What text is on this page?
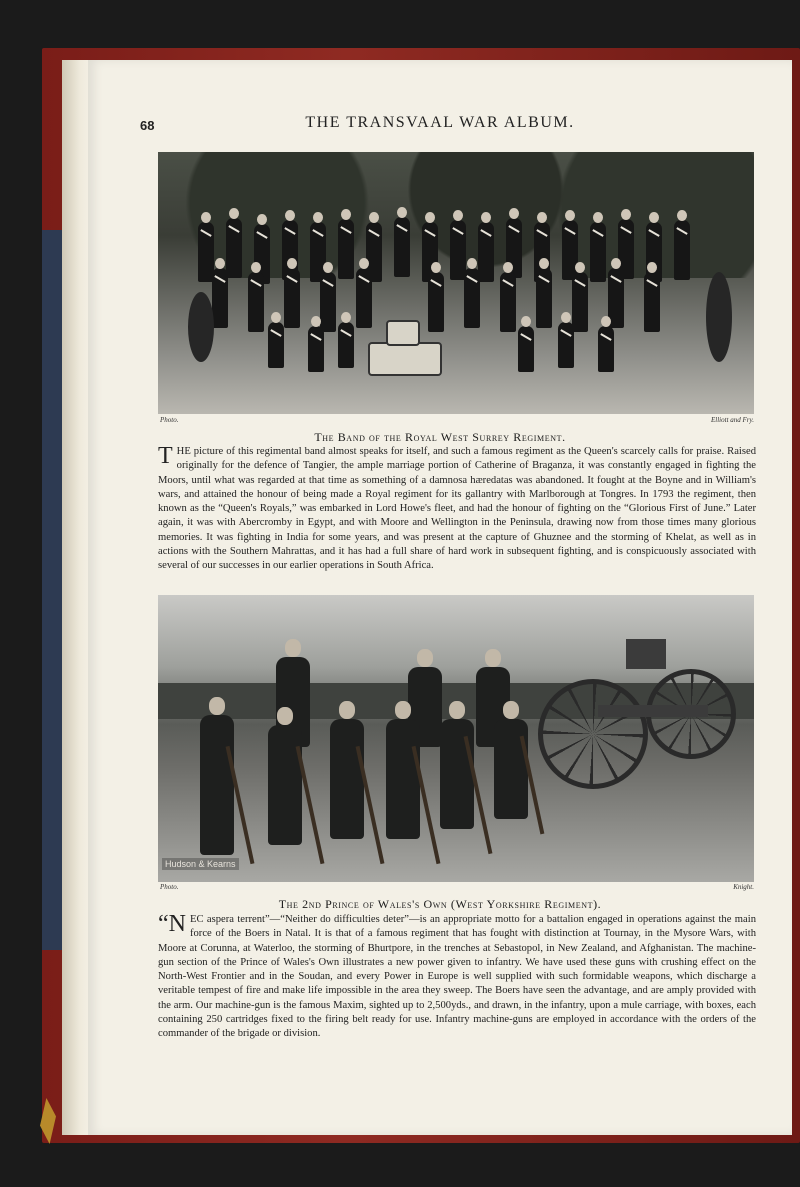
68	THE TRANSVAAL WAR ALBUM.
Photo.	Elliott and Fry.
The Band of the Royal West Surrey Regiment.
THE picture of this regimental band almost speaks for itself, and such a famous regiment as the Queen's scarcely calls for praise. Raised originally for the defence of Tangier, the ample marriage portion of Catherine of Braganza, it was constantly engaged in fighting the Moors, until what was regarded at that time as something of a damnosa hæredatas was abandoned. It fought at the Boyne and in William's wars, and attained the honour of being made a Royal regiment for its gallantry with Marlborough at Tongres. In 1793 the regiment, then known as the “Queen's Royals,” was embarked in Lord Howe's fleet, and had the honour of fighting on the “Glorious First of June.” Later again, it was with Abercromby in Egypt, and with Moore and Wellington in the Peninsula, drawing now from those times many glorious memories. It was fighting in India for some years, and was present at the capture of Ghuznee and the storming of Khelat, as well as in actions with the Southern Mahrattas, and it has had a full share of hard work in subsequent fighting, and is conspicuously associated with several of our successes in our earlier operations in South Africa.
Hudson & Kearns
Photo.	Knight.
The 2nd Prince of Wales's Own (West Yorkshire Regiment).
“NEC aspera terrent”—“Neither do difficulties deter”—is an appropriate motto for a battalion engaged in operations against the main force of the Boers in Natal. It is that of a famous regiment that has fought with distinction at Tournay, in the Mysore Wars, with Moore at Corunna, at Waterloo, the storming of Bhurtpore, in the trenches at Sebastopol, in New Zealand, and Afghanistan. The machine-gun section of the Prince of Wales's Own illustrates a new power given to infantry. We have used these guns with crushing effect on the North-West Frontier and in the Soudan, and every Power in Europe is well supplied with such formidable weapons, which discharge a veritable tempest of fire and make life impossible in the area they sweep. The Boers have seen the advantage, and are amply provided with the arm. Our machine-gun is the famous Maxim, sighted up to 2,500yds., and drawn, in the infantry, upon a mule carriage, with boxes, each containing 250 cartridges fixed to the firing belt ready for use. Infantry machine-guns are employed in accordance with the orders of the commander of the brigade or division.
